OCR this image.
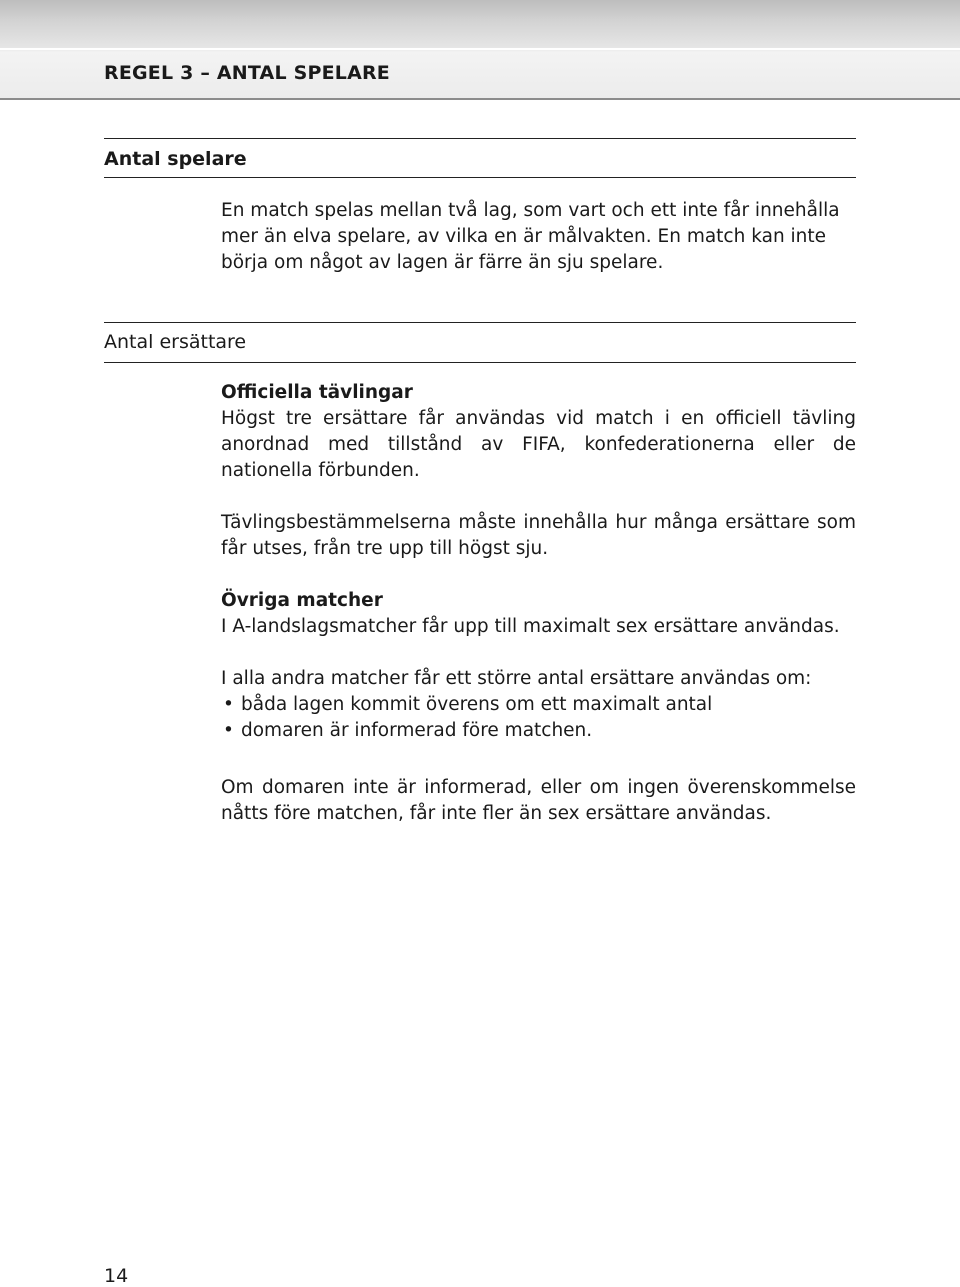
REGEL 3 – ANTAL SPELARE
Antal spelare

En match spelas mellan två lag, som vart och ett inte får innehålla mer än elva spelare, av vilka en är målvakten. En match kan inte börja om något av lagen är färre än sju spelare.

Antal ersättare
Officiella tävlingar
Högst tre ersättare får användas vid match i en officiell tävling anordnad med tillstånd av FIFA, konfederationerna eller de nationella förbunden.

Tävlingsbestämmelserna måste innehålla hur många ersättare som får utses, från tre upp till högst sju.

Övriga matcher
I A-landslagsmatcher får upp till maximalt sex ersättare användas.

I alla andra matcher får ett större antal ersättare användas om:

• båda lagen kommit överens om ett maximalt antal
• domaren är informerad före matchen.

Om domaren inte är informerad, eller om ingen överenskommelse nåtts före matchen, får inte fler än sex ersättare användas.

14
